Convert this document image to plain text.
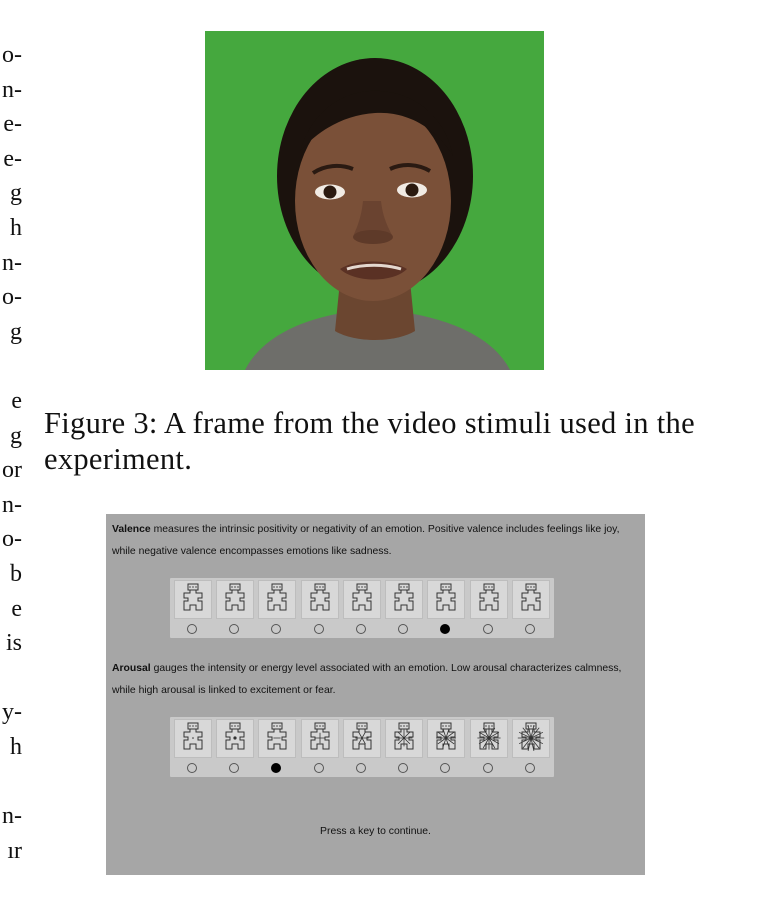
o-
n-
e-
e-
g
h
n-
o-
g
e
g
or
n-
o-
b
e
is
y-
h
n-
ır
Figure 3: A frame from the video stimuli used in the experiment.
Valence measures the intrinsic positivity or negativity of an emotion. Positive valence includes feelings like joy, while negative valence encompasses emotions like sadness.
Arousal gauges the intensity or energy level associated with an emotion. Low arousal characterizes calmness, while high arousal is linked to excitement or fear.
Press a key to continue.
